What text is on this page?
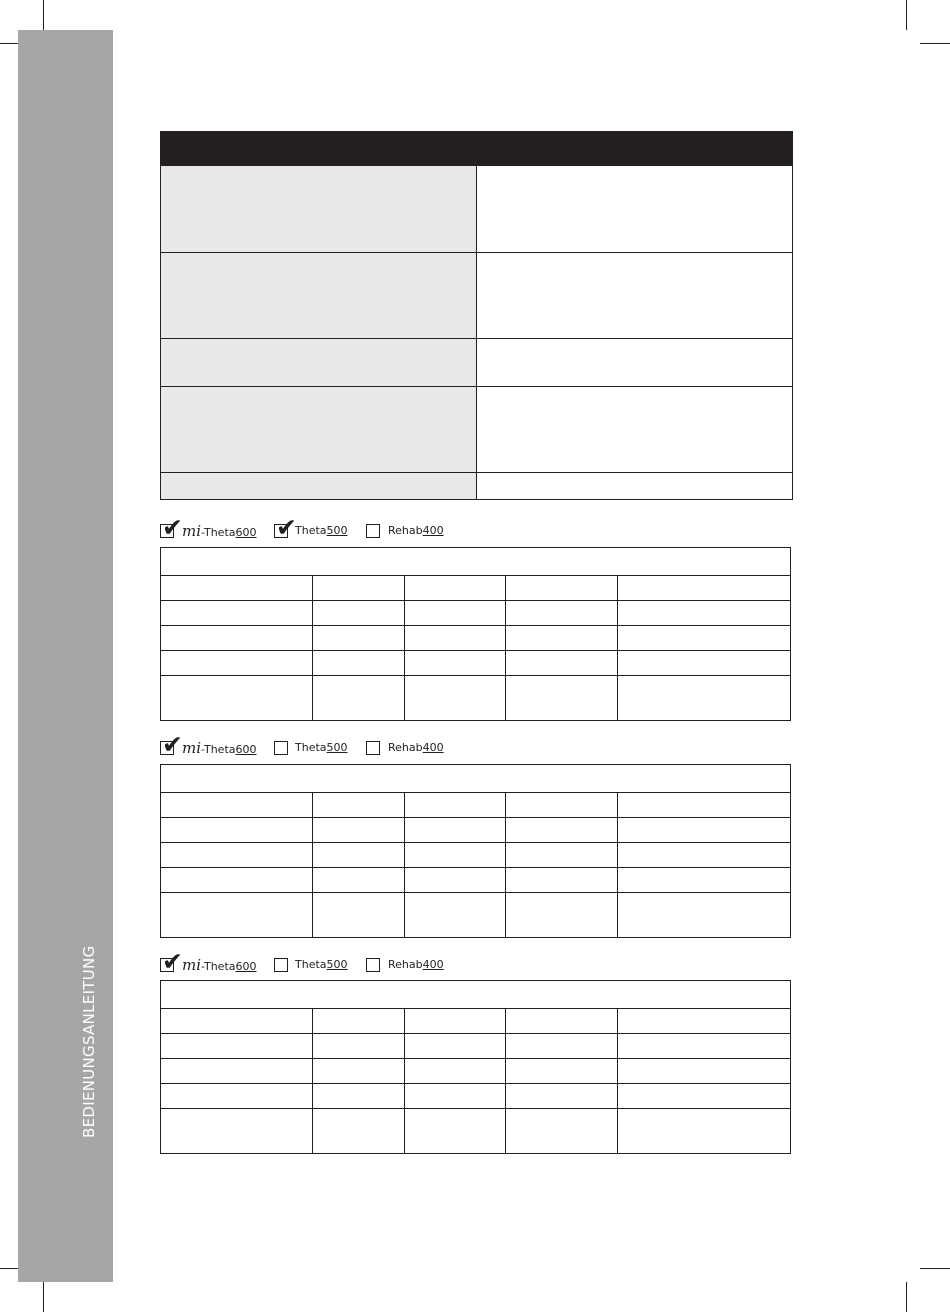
BEDIENUNGSANLEITUNG

✔ mi-Theta600 ✔
Theta500	Rehab400
✔ mi-Theta600	Theta500	Rehab400
✔ mi-Theta600	Theta500	Rehab400
